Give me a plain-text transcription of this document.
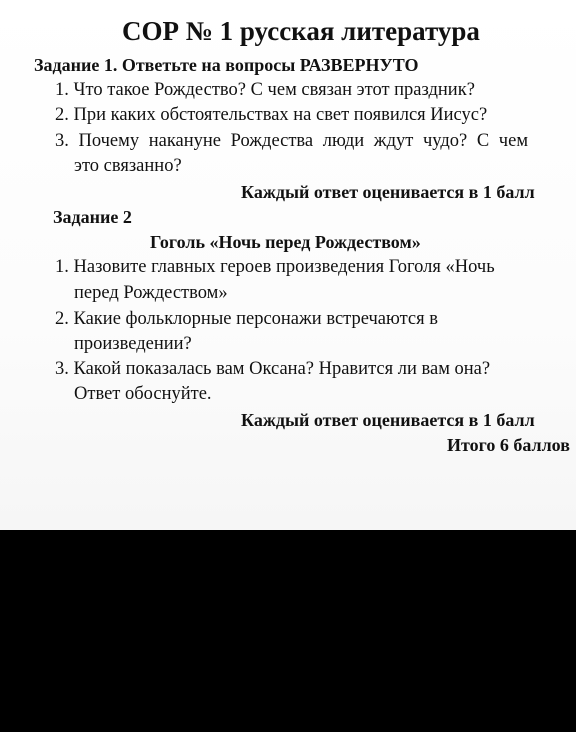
СОР № 1 русская литература
Задание 1. Ответьте на вопросы РАЗВЕРНУТО
1. Что такое Рождество? С чем связан этот праздник?
2. При каких обстоятельствах на свет появился Иисус?
3. Почему накануне Рождества люди ждут чудо? С чем
это связанно?
Каждый ответ оценивается в 1 балл
Задание 2
Гоголь «Ночь перед Рождеством»
1. Назовите главных героев произведения Гоголя «Ночь
перед Рождеством»
2. Какие фольклорные персонажи встречаются в
произведении?
3. Какой показалась вам Оксана? Нравится ли вам она?
Ответ обоснуйте.
Каждый ответ оценивается в 1 балл
Итого 6 баллов
